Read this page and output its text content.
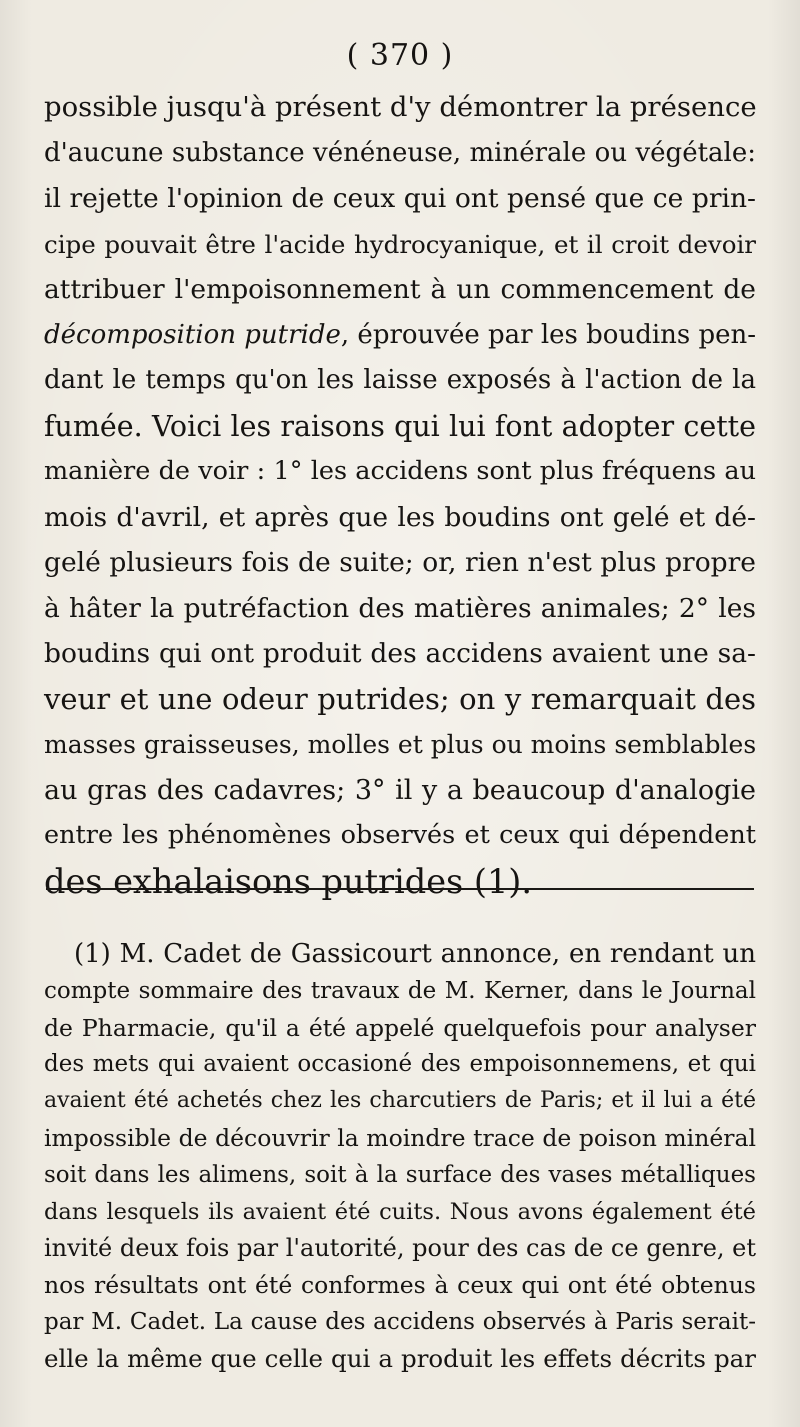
( 370 )
possible jusqu'à présent d'y démontrer la présence
d'aucune substance vénéneuse, minérale ou végétale:
il rejette l'opinion de ceux qui ont pensé que ce prin-
cipe pouvait être l'acide hydrocyanique, et il croit devoir
attribuer l'empoisonnement à un commencement de
décomposition putride, éprouvée par les boudins pen-
dant le temps qu'on les laisse exposés à l'action de la
fumée. Voici les raisons qui lui font adopter cette
manière de voir : 1° les accidens sont plus fréquens au
mois d'avril, et après que les boudins ont gelé et dé-
gelé plusieurs fois de suite; or, rien n'est plus propre
à hâter la putréfaction des matières animales; 2° les
boudins qui ont produit des accidens avaient une sa-
veur et une odeur putrides; on y remarquait des
masses graisseuses, molles et plus ou moins semblables
au gras des cadavres; 3° il y a beaucoup d'analogie
entre les phénomènes observés et ceux qui dépendent
des exhalaisons putrides (1).
(1) M. Cadet de Gassicourt annonce, en rendant un
compte sommaire des travaux de M. Kerner, dans le Journal
de Pharmacie, qu'il a été appelé quelquefois pour analyser
des mets qui avaient occasioné des empoisonnemens, et qui
avaient été achetés chez les charcutiers de Paris; et il lui a été
impossible de découvrir la moindre trace de poison minéral
soit dans les alimens, soit à la surface des vases métalliques
dans lesquels ils avaient été cuits. Nous avons également été
invité deux fois par l'autorité, pour des cas de ce genre, et
nos résultats ont été conformes à ceux qui ont été obtenus
par M. Cadet. La cause des accidens observés à Paris serait-
elle la même que celle qui a produit les effets décrits par
